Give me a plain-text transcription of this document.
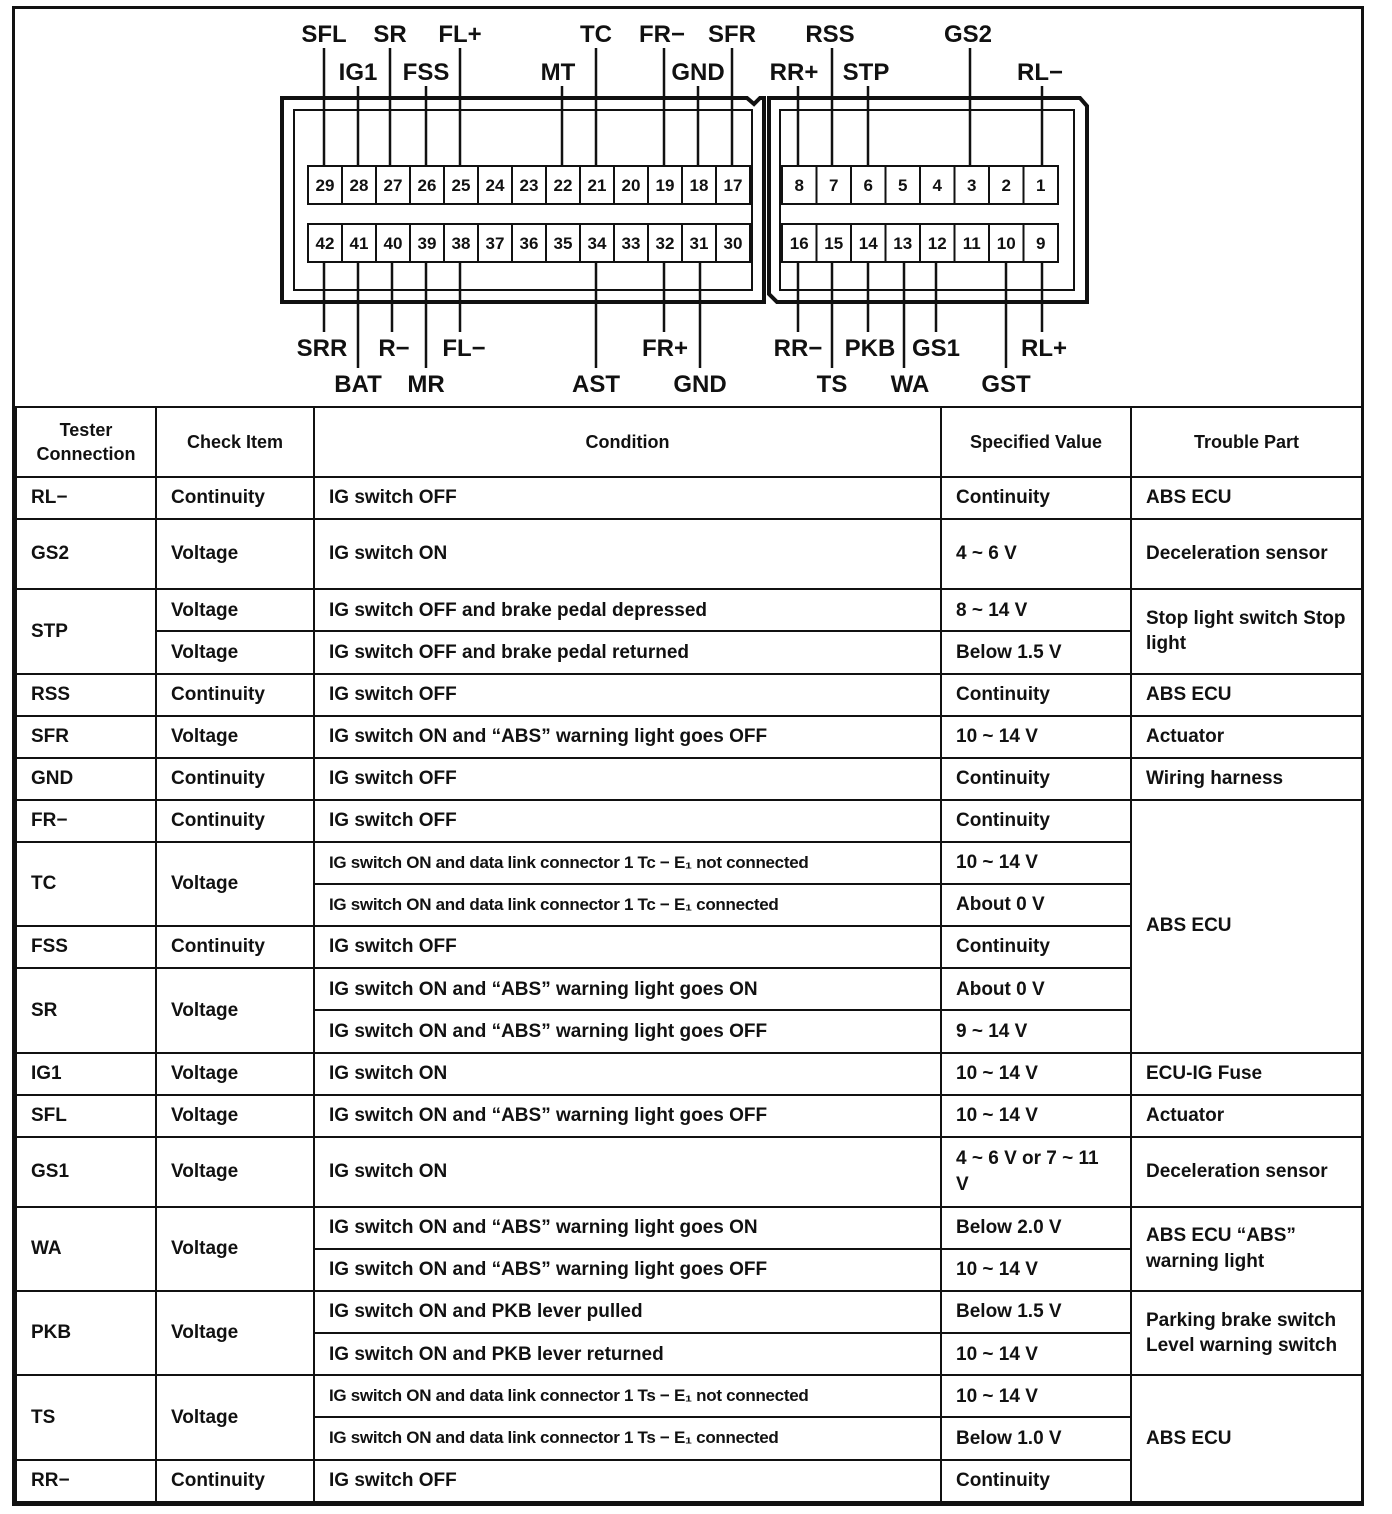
29 28 27 26 25 24 23 22 21 20 19 18 17
42 41 40 39 38 37 36 35 34 33 32 31 30
8 7 6 5 4 3 2 1
16 15 14 13 12 11 10 9
SFL
IG1
SR
FSS
FL+
MT
TC FR−
GND
SFR
RR+
RSS
STP
GS2
RL−
SRR
BAT
R−
MR
FL−
AST
FR+
GND
RR−
TS
PKB
WA
GS1
GST
RL+
Tester Connection	Check Item	Condition	Specified Value	Trouble Part
RL−	Continuity	IG switch OFF	Continuity	ABS ECU
GS2	Voltage	IG switch ON	4 ~ 6 V	Deceleration sensor
STP	Voltage	IG switch OFF and brake pedal depressed	8 ~ 14 V	Stop light switch Stop light
	Voltage	IG switch OFF and brake pedal returned	Below 1.5 V	
RSS	Continuity	IG switch OFF	Continuity	ABS ECU
SFR	Voltage	IG switch ON and “ABS” warning light goes OFF	10 ~ 14 V	Actuator
GND	Continuity	IG switch OFF	Continuity	Wiring harness
FR−	Continuity	IG switch OFF	Continuity	ABS ECU
TC	Voltage	IG switch ON and data link connector 1 Tc − E₁ not connected	10 ~ 14 V	
		IG switch ON and data link connector 1 Tc − E₁ connected	About 0 V	
FSS	Continuity	IG switch OFF	Continuity	
SR	Voltage	IG switch ON and “ABS” warning light goes ON	About 0 V	
		IG switch ON and “ABS” warning light goes OFF	9 ~ 14 V	
IG1	Voltage	IG switch ON	10 ~ 14 V	ECU-IG Fuse
SFL	Voltage	IG switch ON and “ABS” warning light goes OFF	10 ~ 14 V	Actuator
GS1	Voltage	IG switch ON	4 ~ 6 V or 7 ~ 11 V	Deceleration sensor
WA	Voltage	IG switch ON and “ABS” warning light goes ON	Below 2.0 V	ABS ECU “ABS” warning light
		IG switch ON and “ABS” warning light goes OFF	10 ~ 14 V	
PKB	Voltage	IG switch ON and PKB lever pulled	Below 1.5 V	Parking brake switch Level warning switch
		IG switch ON and PKB lever returned	10 ~ 14 V	
TS	Voltage	IG switch ON and data link connector 1 Ts − E₁ not connected	10 ~ 14 V	ABS ECU
		IG switch ON and data link connector 1 Ts − E₁ connected	Below 1.0 V	
RR−	Continuity	IG switch OFF	Continuity	
